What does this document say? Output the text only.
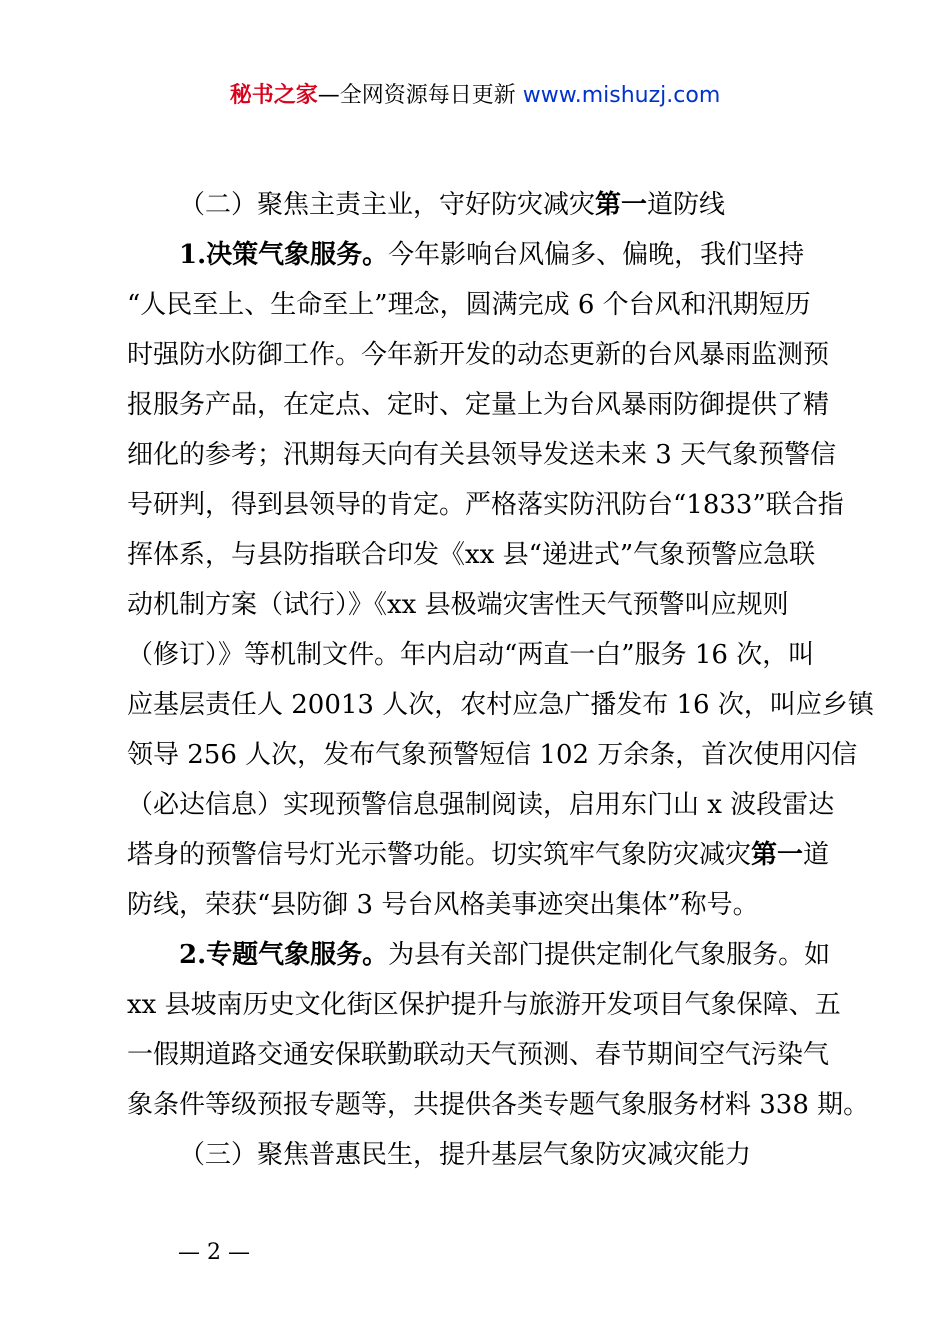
秘书之家—全网资源每日更新 www.mishuzj.com
（二）聚焦主责主业，守好防灾减灾第一道防线
1.决策气象服务。今年影响台风偏多、偏晚，我们坚持
“人民至上、生命至上”理念，圆满完成 6 个台风和汛期短历
时强防水防御工作。今年新开发的动态更新的台风暴雨监测预
报服务产品，在定点、定时、定量上为台风暴雨防御提供了精
细化的参考；汛期每天向有关县领导发送未来 3 天气象预警信
号研判，得到县领导的肯定。严格落实防汛防台“1833”联合指
挥体系，与县防指联合印发《xx 县“递进式”气象预警应急联
动机制方案（试行）》《xx 县极端灾害性天气预警叫应规则
（修订）》等机制文件。年内启动“两直一白”服务 16 次，叫
应基层责任人 20013 人次，农村应急广播发布 16 次，叫应乡镇
领导 256 人次，发布气象预警短信 102 万余条，首次使用闪信
（必达信息）实现预警信息强制阅读，启用东门山 x 波段雷达
塔身的预警信号灯光示警功能。切实筑牢气象防灾减灾第一道
防线，荣获“县防御 3 号台风格美事迹突出集体”称号。
2.专题气象服务。为县有关部门提供定制化气象服务。如
xx 县坡南历史文化街区保护提升与旅游开发项目气象保障、五
一假期道路交通安保联勤联动天气预测、春节期间空气污染气
象条件等级预报专题等，共提供各类专题气象服务材料 338 期。
（三）聚焦普惠民生，提升基层气象防灾减灾能力
— 2 —
